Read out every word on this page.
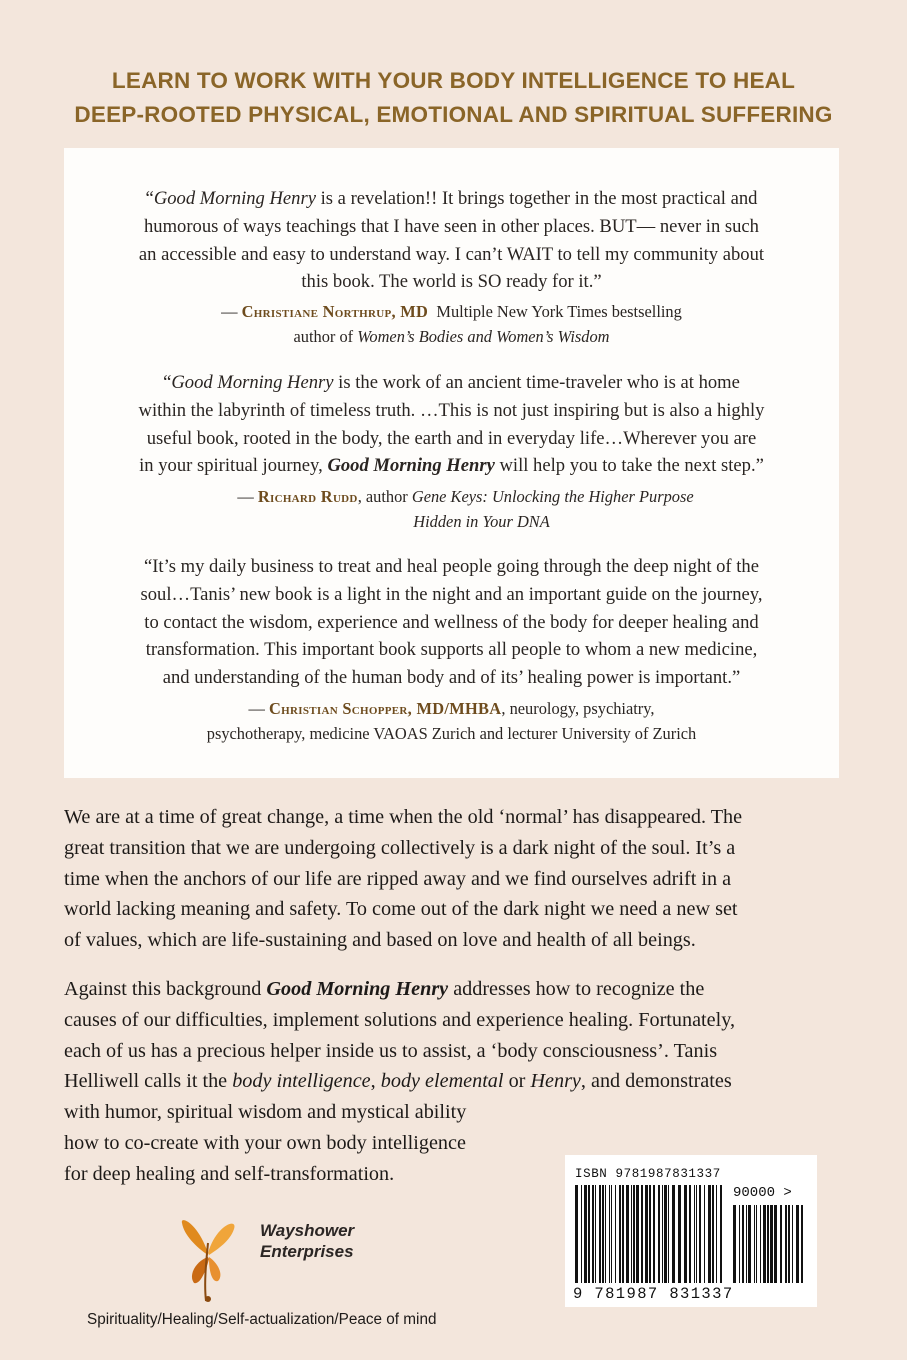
LEARN TO WORK WITH YOUR BODY INTELLIGENCE TO HEAL
DEEP-ROOTED PHYSICAL, EMOTIONAL AND SPIRITUAL SUFFERING
“Good Morning Henry is a revelation!! It brings together in the most practical and
humorous of ways teachings that I have seen in other places. BUT— never in such
an accessible and easy to understand way. I can’t WAIT to tell my community about
this book. The world is SO ready for it.”
— Christiane Northrup, MD  Multiple New York Times bestselling
author of Women’s Bodies and Women’s Wisdom
“Good Morning Henry is the work of an ancient time-traveler who is at home
within the labyrinth of timeless truth. …This is not just inspiring but is also a highly
useful book, rooted in the body, the earth and in everyday life…Wherever you are
in your spiritual journey, Good Morning Henry will help you to take the next step.”
— Richard Rudd, author Gene Keys: Unlocking the Higher Purpose
Hidden in Your DNA
“It’s my daily business to treat and heal people going through the deep night of the
soul…Tanis’ new book is a light in the night and an important guide on the journey,
to contact the wisdom, experience and wellness of the body for deeper healing and
transformation. This important book supports all people to whom a new medicine,
and understanding of the human body and of its’ healing power is important.”
— Christian Schopper, MD/MHBA, neurology, psychiatry,
psychotherapy, medicine VAOAS Zurich and lecturer University of Zurich
We are at a time of great change, a time when the old ‘normal’ has disappeared. The
great transition that we are undergoing collectively is a dark night of the soul. It’s a
time when the anchors of our life are ripped away and we find ourselves adrift in a
world lacking meaning and safety. To come out of the dark night we need a new set
of values, which are life-sustaining and based on love and health of all beings.
Against this background Good Morning Henry addresses how to recognize the
causes of our difficulties, implement solutions and experience healing. Fortunately,
each of us has a precious helper inside us to assist, a ‘body consciousness’. Tanis
Helliwell calls it the body intelligence, body elemental or Henry, and demonstrates
with humor, spiritual wisdom and mystical ability
how to co-create with your own body intelligence
for deep healing and self-transformation.	ISBN 9781987831337
90000 >
9 781987 831337
Wayshower
Enterprises
Spirituality/Healing/Self-actualization/Peace of mind
